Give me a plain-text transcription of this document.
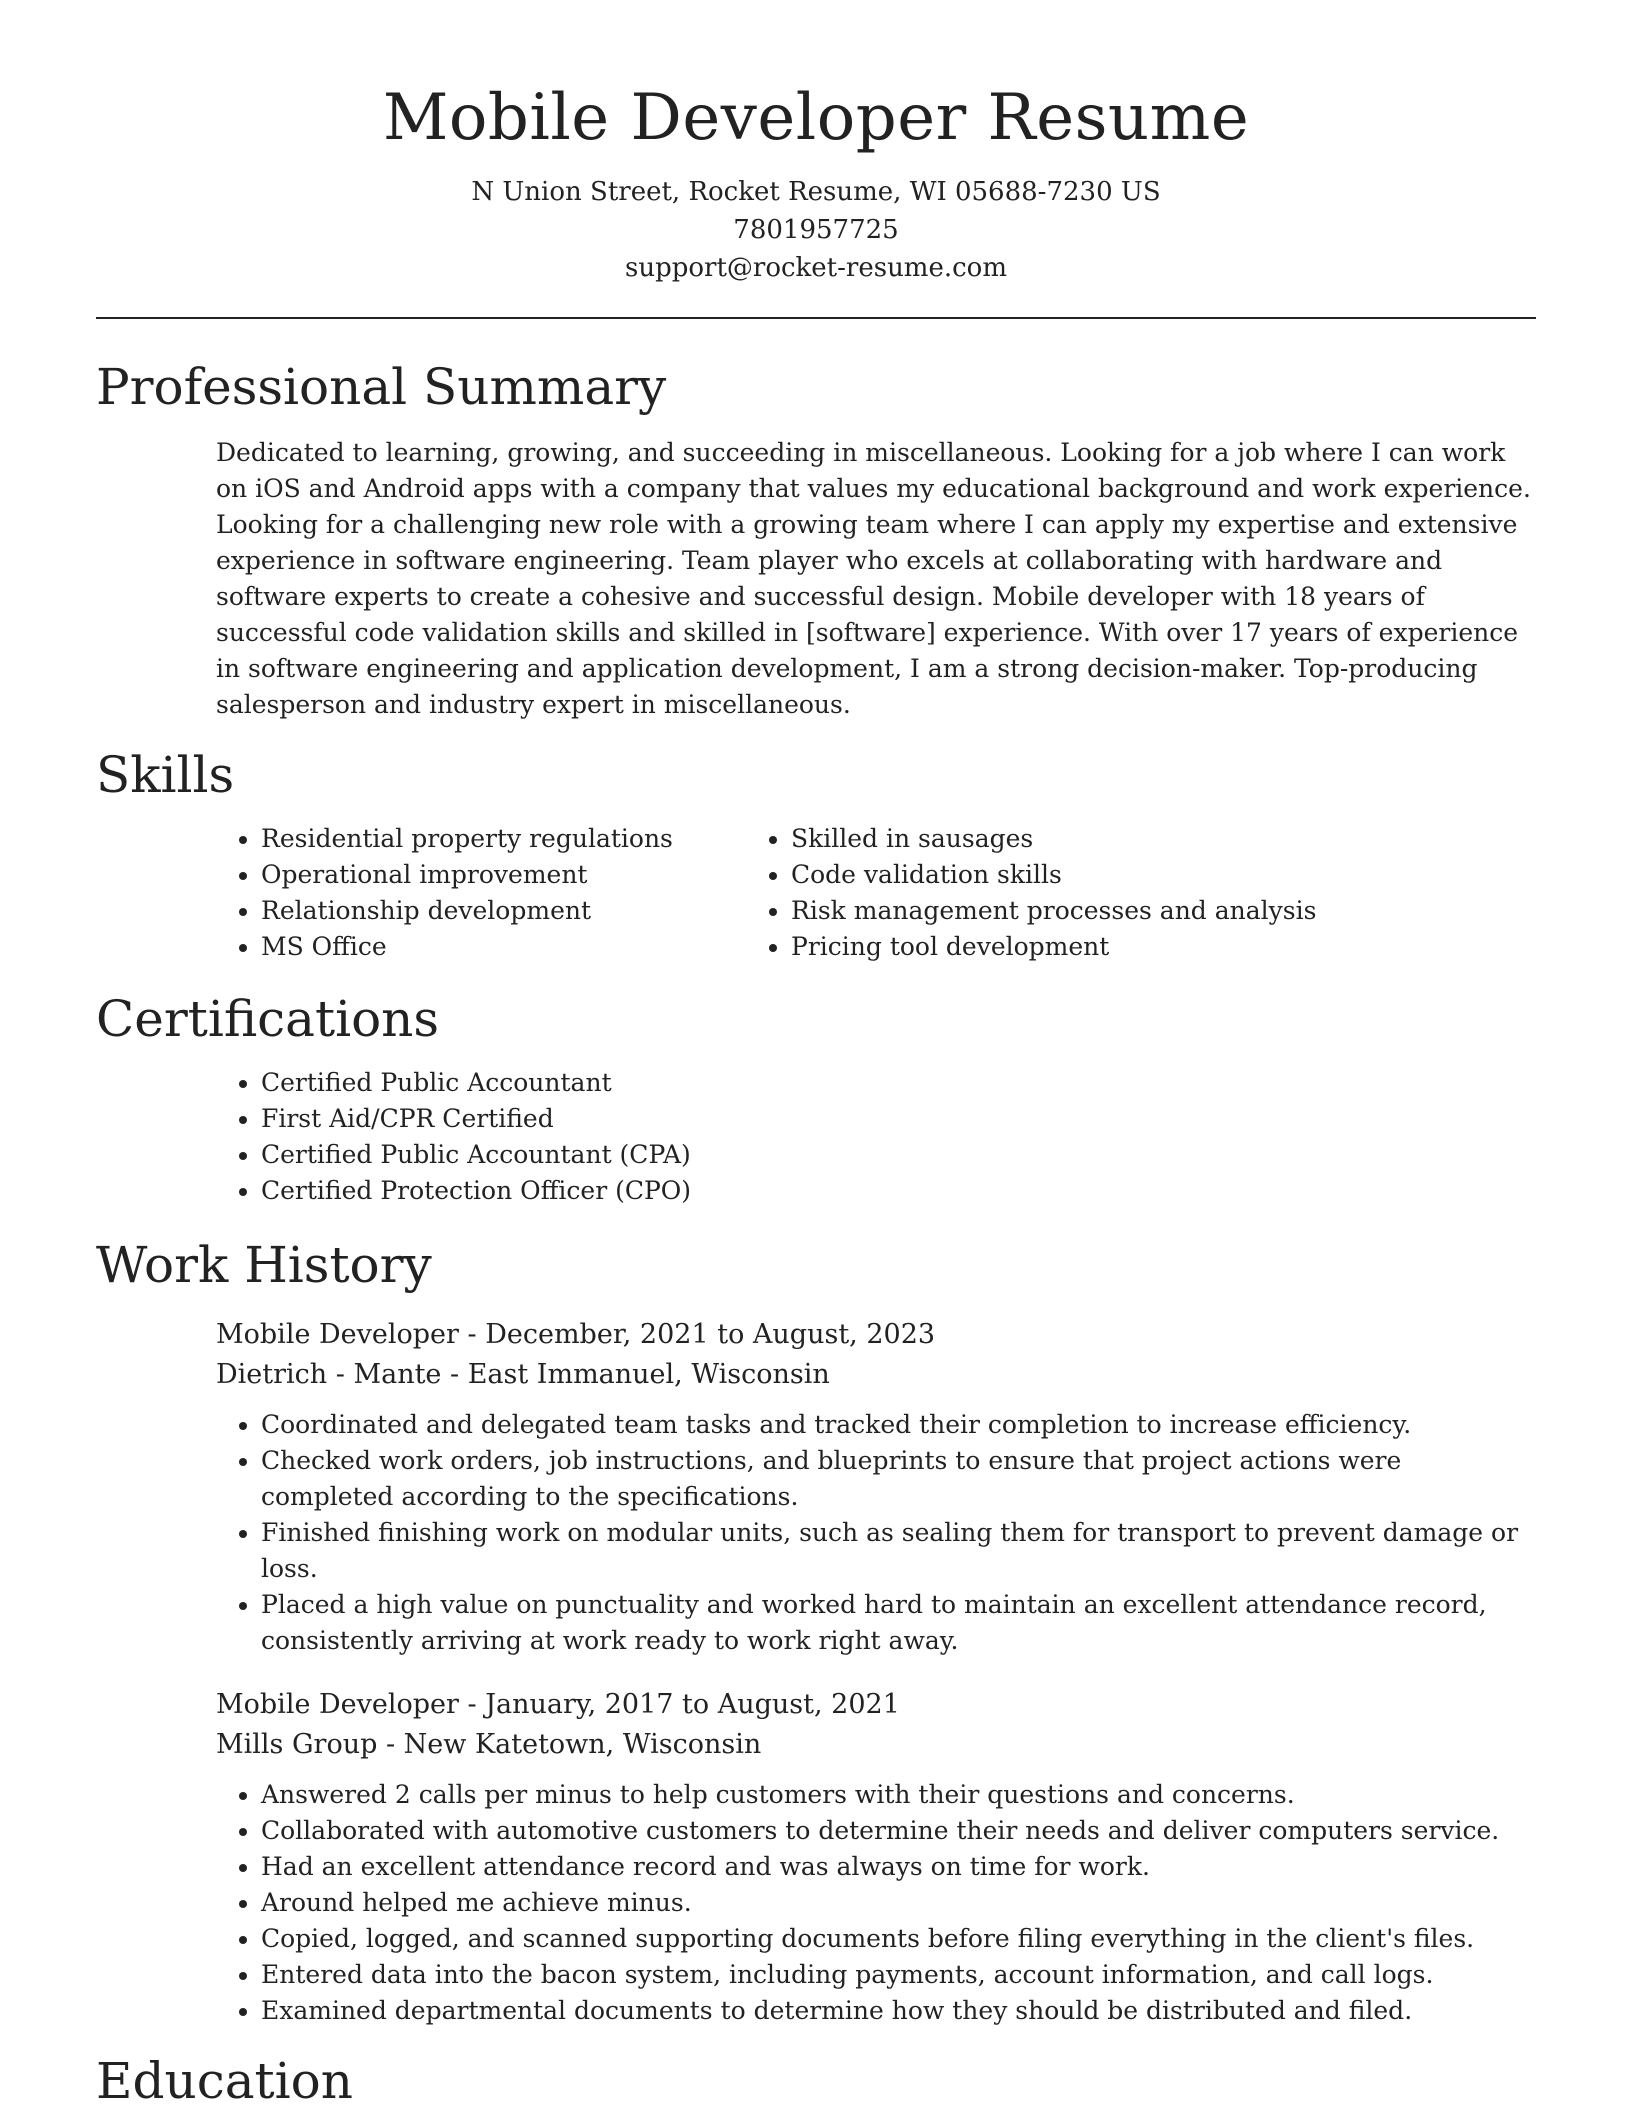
Mobile Developer Resume
N Union Street, Rocket Resume, WI 05688-7230 US
7801957725
support@rocket-resume.com
Professional Summary

Dedicated to learning, growing, and succeeding in miscellaneous. Looking for a job where I can work on iOS and Android apps with a company that values my educational background and work experience. Looking for a challenging new role with a growing team where I can apply my expertise and extensive experience in software engineering. Team player who excels at collaborating with hardware and software experts to create a cohesive and successful design. Mobile developer with 18 years of successful code validation skills and skilled in [software] experience. With over 17 years of experience in software engineering and application development, I am a strong decision-maker. Top-producing salesperson and industry expert in miscellaneous.

Skills
• Residential property regulations
• Operational improvement
• Relationship development
• MS Office
• Skilled in sausages
• Code validation skills
• Risk management processes and analysis
• Pricing tool development
Certifications
• Certified Public Accountant
• First Aid/CPR Certified
• Certified Public Accountant (CPA)
• Certified Protection Officer (CPO)
Work History
Mobile Developer - December, 2021 to August, 2023
Dietrich - Mante - East Immanuel, Wisconsin
• Coordinated and delegated team tasks and tracked their completion to increase efficiency.
• Checked work orders, job instructions, and blueprints to ensure that project actions were completed according to the specifications.
• Finished finishing work on modular units, such as sealing them for transport to prevent damage or loss.
• Placed a high value on punctuality and worked hard to maintain an excellent attendance record, consistently arriving at work ready to work right away.
Mobile Developer - January, 2017 to August, 2021
Mills Group - New Katetown, Wisconsin
• Answered 2 calls per minus to help customers with their questions and concerns.
• Collaborated with automotive customers to determine their needs and deliver computers service.
• Had an excellent attendance record and was always on time for work.
• Around helped me achieve minus.
• Copied, logged, and scanned supporting documents before filing everything in the client's files.
• Entered data into the bacon system, including payments, account information, and call logs.
• Examined departmental documents to determine how they should be distributed and filed.
Education
